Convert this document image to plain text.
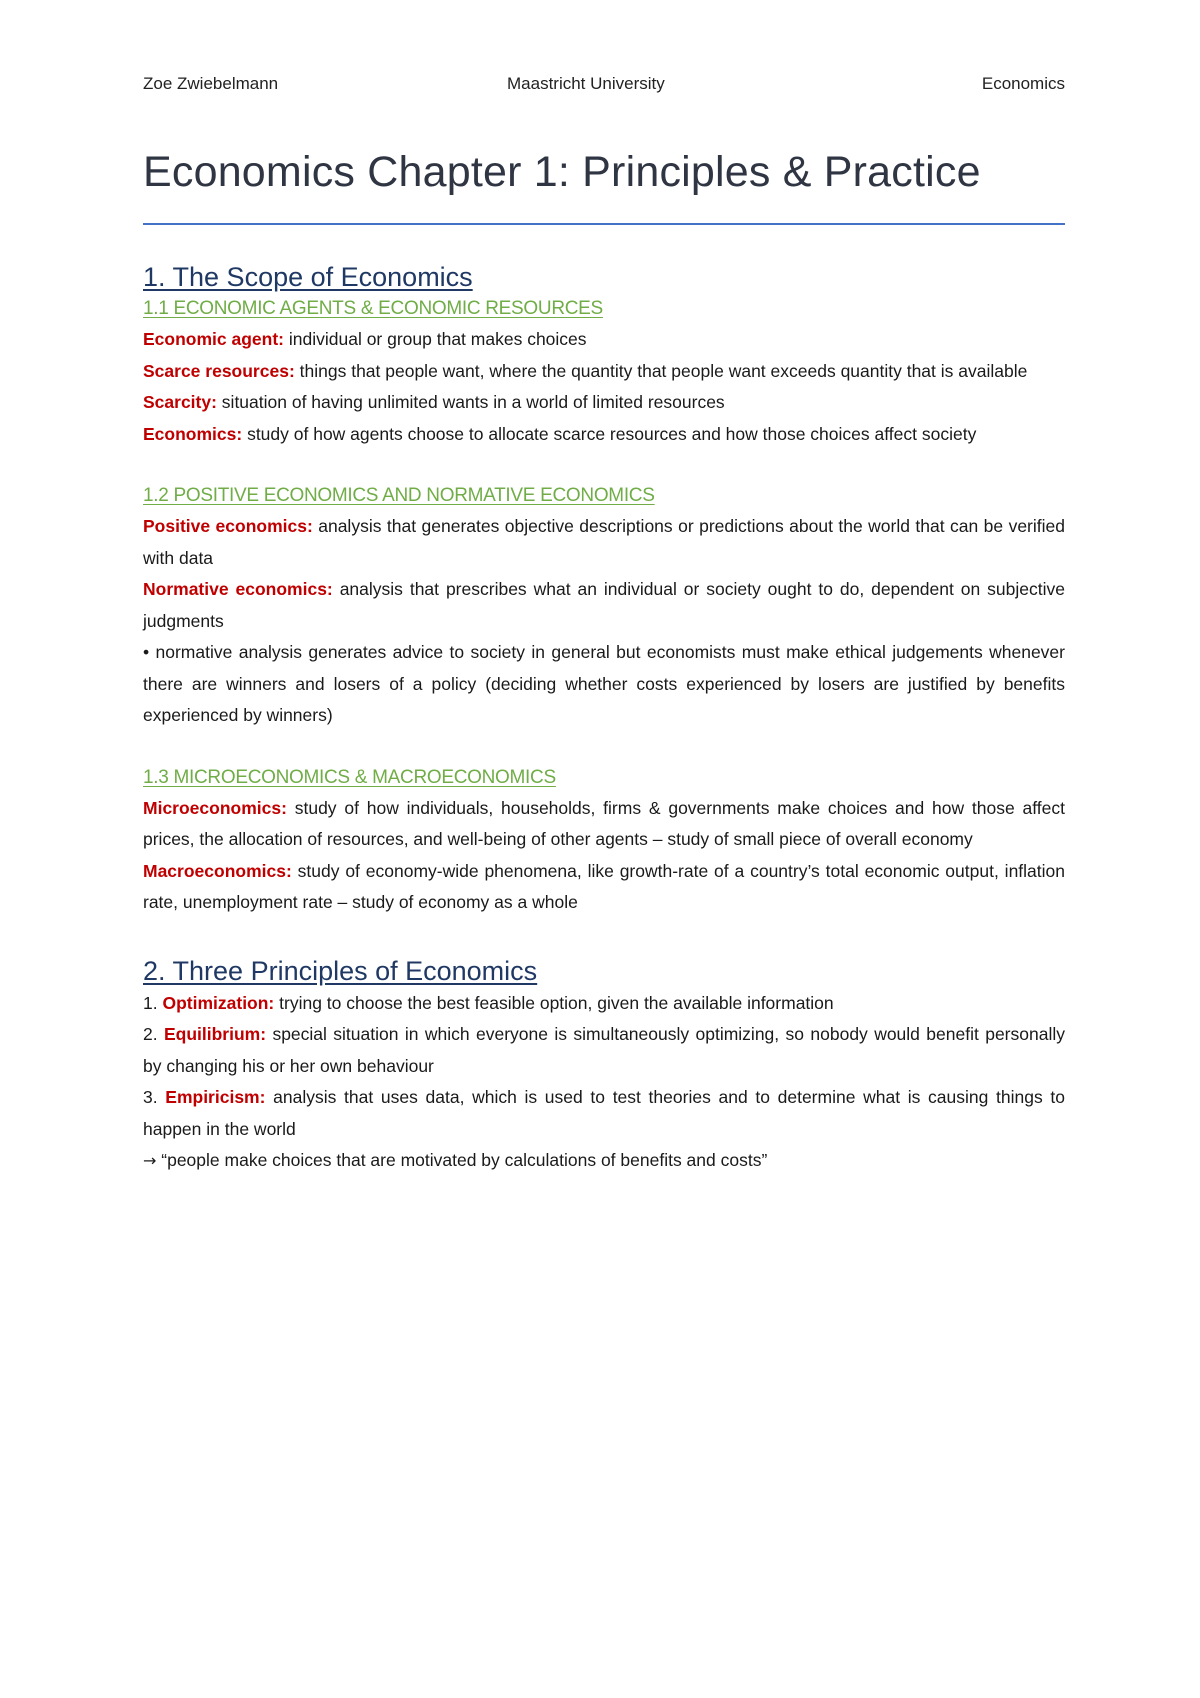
Zoe Zwiebelmann	Maastricht University	Economics
Economics Chapter 1: Principles & Practice
1. The Scope of Economics
1.1 ECONOMIC AGENTS & ECONOMIC RESOURCES

Economic agent: individual or group that makes choices

Scarce resources: things that people want, where the quantity that people want exceeds quantity that is available

Scarcity: situation of having unlimited wants in a world of limited resources

Economics: study of how agents choose to allocate scarce resources and how those choices affect society

1.2 POSITIVE ECONOMICS AND NORMATIVE ECONOMICS

Positive economics: analysis that generates objective descriptions or predictions about the world that can be verified with data

Normative economics: analysis that prescribes what an individual or society ought to do, dependent on subjective judgments

• normative analysis generates advice to society in general but economists must make ethical judgements whenever there are winners and losers of a policy (deciding whether costs experienced by losers are justified by benefits experienced by winners)

1.3 MICROECONOMICS & MACROECONOMICS

Microeconomics: study of how individuals, households, firms & governments make choices and how those affect prices, the allocation of resources, and well-being of other agents – study of small piece of overall economy

Macroeconomics: study of economy-wide phenomena, like growth-rate of a country’s total economic output, inflation rate, unemployment rate – study of economy as a whole

2. Three Principles of Economics

1. Optimization: trying to choose the best feasible option, given the available information

2. Equilibrium: special situation in which everyone is simultaneously optimizing, so nobody would benefit personally by changing his or her own behaviour

3. Empiricism: analysis that uses data, which is used to test theories and to determine what is causing things to happen in the world

→ “people make choices that are motivated by calculations of benefits and costs”
